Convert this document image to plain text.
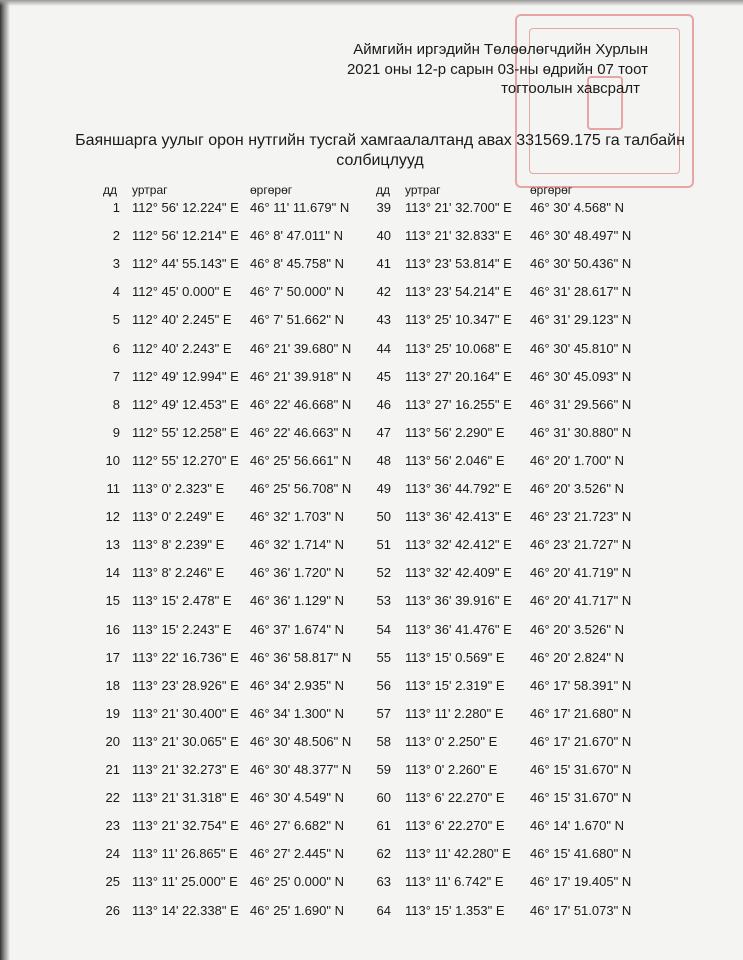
Аймгийн иргэдийн Төлөөлөгчдийн Хурлын
2021 оны 12-р сарын 03-ны өдрийн 07 тоот
тогтоолын хавсралт
Баяншарга уулыг орон нутгийн тусгай хамгаалалтанд авах 331569.175 га талбайн
солбицлууд
дд уртраг	өргөрөг	дд уртраг	өргөрөг
1 112° 56' 12.224" E 46° 11' 11.679" N	39 113° 21' 32.700" E 46° 30' 4.568" N
2 112° 56' 12.214" E 46° 8' 47.011" N	40 113° 21' 32.833" E 46° 30' 48.497" N
3 112° 44' 55.143" E 46° 8' 45.758" N	41 113° 23' 53.814" E 46° 30' 50.436" N
4 112° 45' 0.000" E 46° 7' 50.000" N	42 113° 23' 54.214" E 46° 31' 28.617" N
5 112° 40' 2.245" E 46° 7' 51.662" N	43 113° 25' 10.347" E 46° 31' 29.123" N
6 112° 40' 2.243" E 46° 21' 39.680" N	44 113° 25' 10.068" E 46° 30' 45.810" N
7 112° 49' 12.994" E 46° 21' 39.918" N	45 113° 27' 20.164" E 46° 30' 45.093" N
8 112° 49' 12.453" E 46° 22' 46.668" N	46 113° 27' 16.255" E 46° 31' 29.566" N
9 112° 55' 12.258" E 46° 22' 46.663" N	47 113° 56' 2.290" E 46° 31' 30.880" N
10 112° 55' 12.270" E 46° 25' 56.661" N	48 113° 56' 2.046" E 46° 20' 1.700" N
11 113° 0' 2.323" E 46° 25' 56.708" N	49 113° 36' 44.792" E 46° 20' 3.526" N
12 113° 0' 2.249" E 46° 32' 1.703" N	50 113° 36' 42.413" E 46° 23' 21.723" N
13 113° 8' 2.239" E 46° 32' 1.714" N	51 113° 32' 42.412" E 46° 23' 21.727" N
14 113° 8' 2.246" E 46° 36' 1.720" N	52 113° 32' 42.409" E 46° 20' 41.719" N
15 113° 15' 2.478" E 46° 36' 1.129" N	53 113° 36' 39.916" E 46° 20' 41.717" N
16 113° 15' 2.243" E 46° 37' 1.674" N	54 113° 36' 41.476" E 46° 20' 3.526" N
17 113° 22' 16.736" E 46° 36' 58.817" N	55 113° 15' 0.569" E 46° 20' 2.824" N
18 113° 23' 28.926" E 46° 34' 2.935" N	56 113° 15' 2.319" E 46° 17' 58.391" N
19 113° 21' 30.400" E 46° 34' 1.300" N	57 113° 11' 2.280" E 46° 17' 21.680" N
20 113° 21' 30.065" E 46° 30' 48.506" N	58 113° 0' 2.250" E	46° 17' 21.670" N
21 113° 21' 32.273" E 46° 30' 48.377" N	59 113° 0' 2.260" E	46° 15' 31.670" N
22 113° 21' 31.318" E 46° 30' 4.549" N	60 113° 6' 22.270" E 46° 15' 31.670" N
23 113° 21' 32.754" E 46° 27' 6.682" N	61 113° 6' 22.270" E 46° 14' 1.670" N
24 113° 11' 26.865" E 46° 27' 2.445" N	62 113° 11' 42.280" E 46° 15' 41.680" N
25 113° 11' 25.000" E 46° 25' 0.000" N	63 113° 11' 6.742" E 46° 17' 19.405" N
26 113° 14' 22.338" E 46° 25' 1.690" N	64 113° 15' 1.353" E 46° 17' 51.073" N
